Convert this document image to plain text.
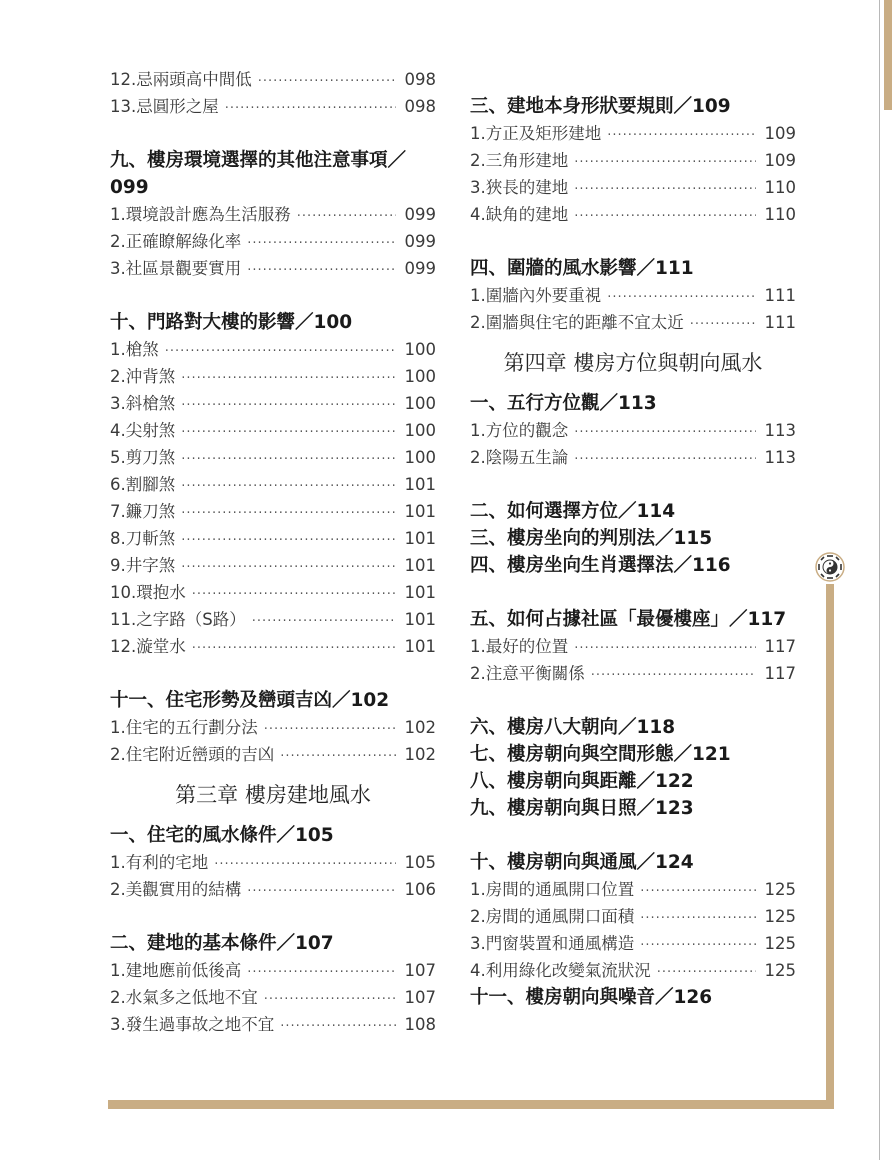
12.忌兩頭高中間低 ·····	098
13.忌圓形之屋 ·····	098
九、樓房環境選擇的其他注意事項／099
1.環境設計應為生活服務 ·····	099
2.正確瞭解綠化率 ·····	099
3.社區景觀要實用 ·····	099
十、門路對大樓的影響／100
1.槍煞 ·····	100
2.沖背煞 ·····	100
3.斜槍煞 ·····	100
4.尖射煞 ·····	100
5.剪刀煞 ·····	100
6.割腳煞 ·····	101
7.鐮刀煞 ·····	101
8.刀斬煞 ·····	101
9.井字煞 ·····	101
10.環抱水 ·····	101
11.之字路（S路） ·····	101
12.漩堂水 ·····	101
十一、住宅形勢及巒頭吉凶／102
1.住宅的五行劃分法 ·····	102
2.住宅附近巒頭的吉凶 ·····	102
第三章 樓房建地風水
一、住宅的風水條件／105
1.有利的宅地 ·····	105
2.美觀實用的結構 ·····	106
二、建地的基本條件／107
1.建地應前低後高 ·····	107
2.水氣多之低地不宜 ·····	107
3.發生過事故之地不宜 ·····	108
三、建地本身形狀要規則／109
1.方正及矩形建地 ·····	109
2.三角形建地 ·····	109
3.狹長的建地 ·····	110
4.缺角的建地 ·····	110
四、圍牆的風水影響／111
1.圍牆內外要重視 ·····	111
2.圍牆與住宅的距離不宜太近 ·····	111
第四章 樓房方位與朝向風水
一、五行方位觀／113
1.方位的觀念 ·····	113
2.陰陽五生論 ·····	113
二、如何選擇方位／114
三、樓房坐向的判別法／115
四、樓房坐向生肖選擇法／116
五、如何占據社區「最優樓座」／117
1.最好的位置 ·····	117
2.注意平衡關係 ·····	117
六、樓房八大朝向／118
七、樓房朝向與空間形態／121
八、樓房朝向與距離／122
九、樓房朝向與日照／123
十、樓房朝向與通風／124
1.房間的通風開口位置 ·····	125
2.房間的通風開口面積 ·····	125
3.門窗裝置和通風構造 ·····	125
4.利用綠化改變氣流狀況 ·····	125
十一、樓房朝向與噪音／126
